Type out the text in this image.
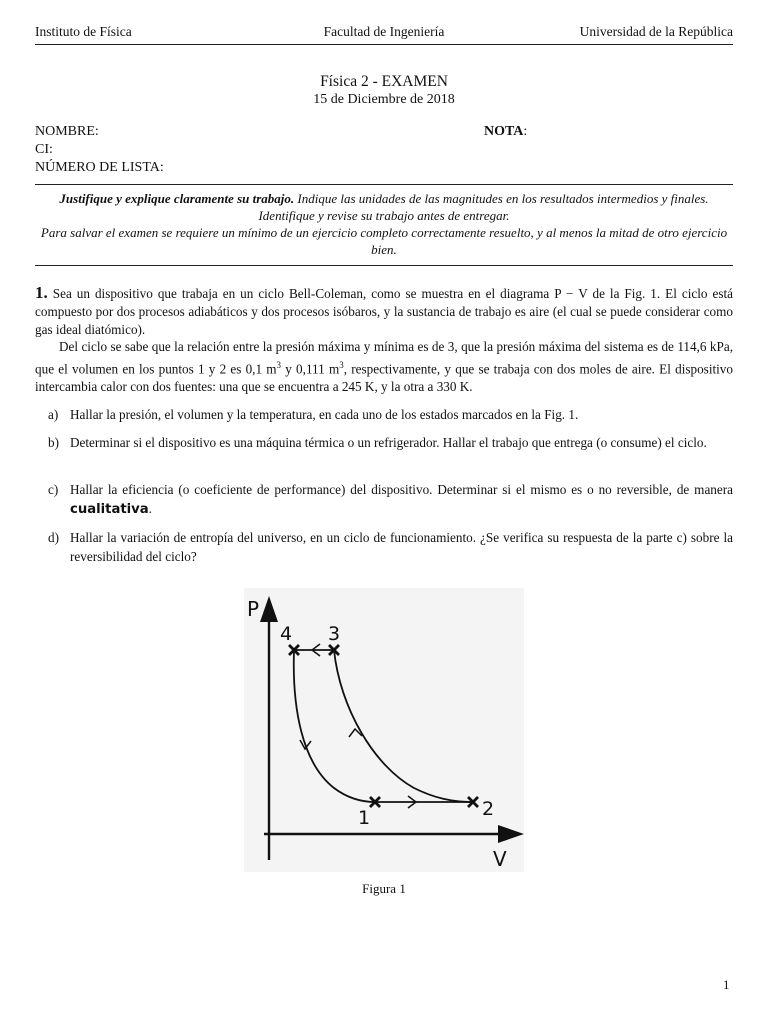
Instituto de Física	Facultad de Ingeniería	Universidad de la República
Física 2 - EXAMEN
15 de Diciembre de 2018
NOMBRE:	NOTA:
CI:
NÚMERO DE LISTA:
Justifique y explique claramente su trabajo. Indique las unidades de las magnitudes en los resultados intermedios y finales. Identifique y revise su trabajo antes de entregar.
Para salvar el examen se requiere un mínimo de un ejercicio completo correctamente resuelto, y al menos la mitad de otro ejercicio bien.
1. Sea un dispositivo que trabaja en un ciclo Bell-Coleman, como se muestra en el diagrama P − V de la Fig. 1. El ciclo está compuesto por dos procesos adiabáticos y dos procesos isóbaros, y la sustancia de trabajo es aire (el cual se puede considerar como gas ideal diatómico).
Del ciclo se sabe que la relación entre la presión máxima y mínima es de 3, que la presión máxima del sistema es de 114,6 kPa, que el volumen en los puntos 1 y 2 es 0,1 $m^3$ y 0,111 $m^3$, respectivamente, y que se trabaja con dos moles de aire. El dispositivo intercambia calor con dos fuentes: una que se encuentra a 245 K, y la otra a 330 K.
a) Hallar la presión, el volumen y la temperatura, en cada uno de los estados marcados en la Fig. 1.
b) Determinar si el dispositivo es una máquina térmica o un refrigerador. Hallar el trabajo que entrega (o consume) el ciclo.
c) Hallar la eficiencia (o coeficiente de performance) del dispositivo. Determinar si el mismo es o no reversible, de manera cualitativa.
d) Hallar la variación de entropía del universo, en un ciclo de funcionamiento. ¿Se verifica su respuesta de la parte c) sobre la reversibilidad del ciclo?
P
V
4 3
1	2
Figura 1
1
